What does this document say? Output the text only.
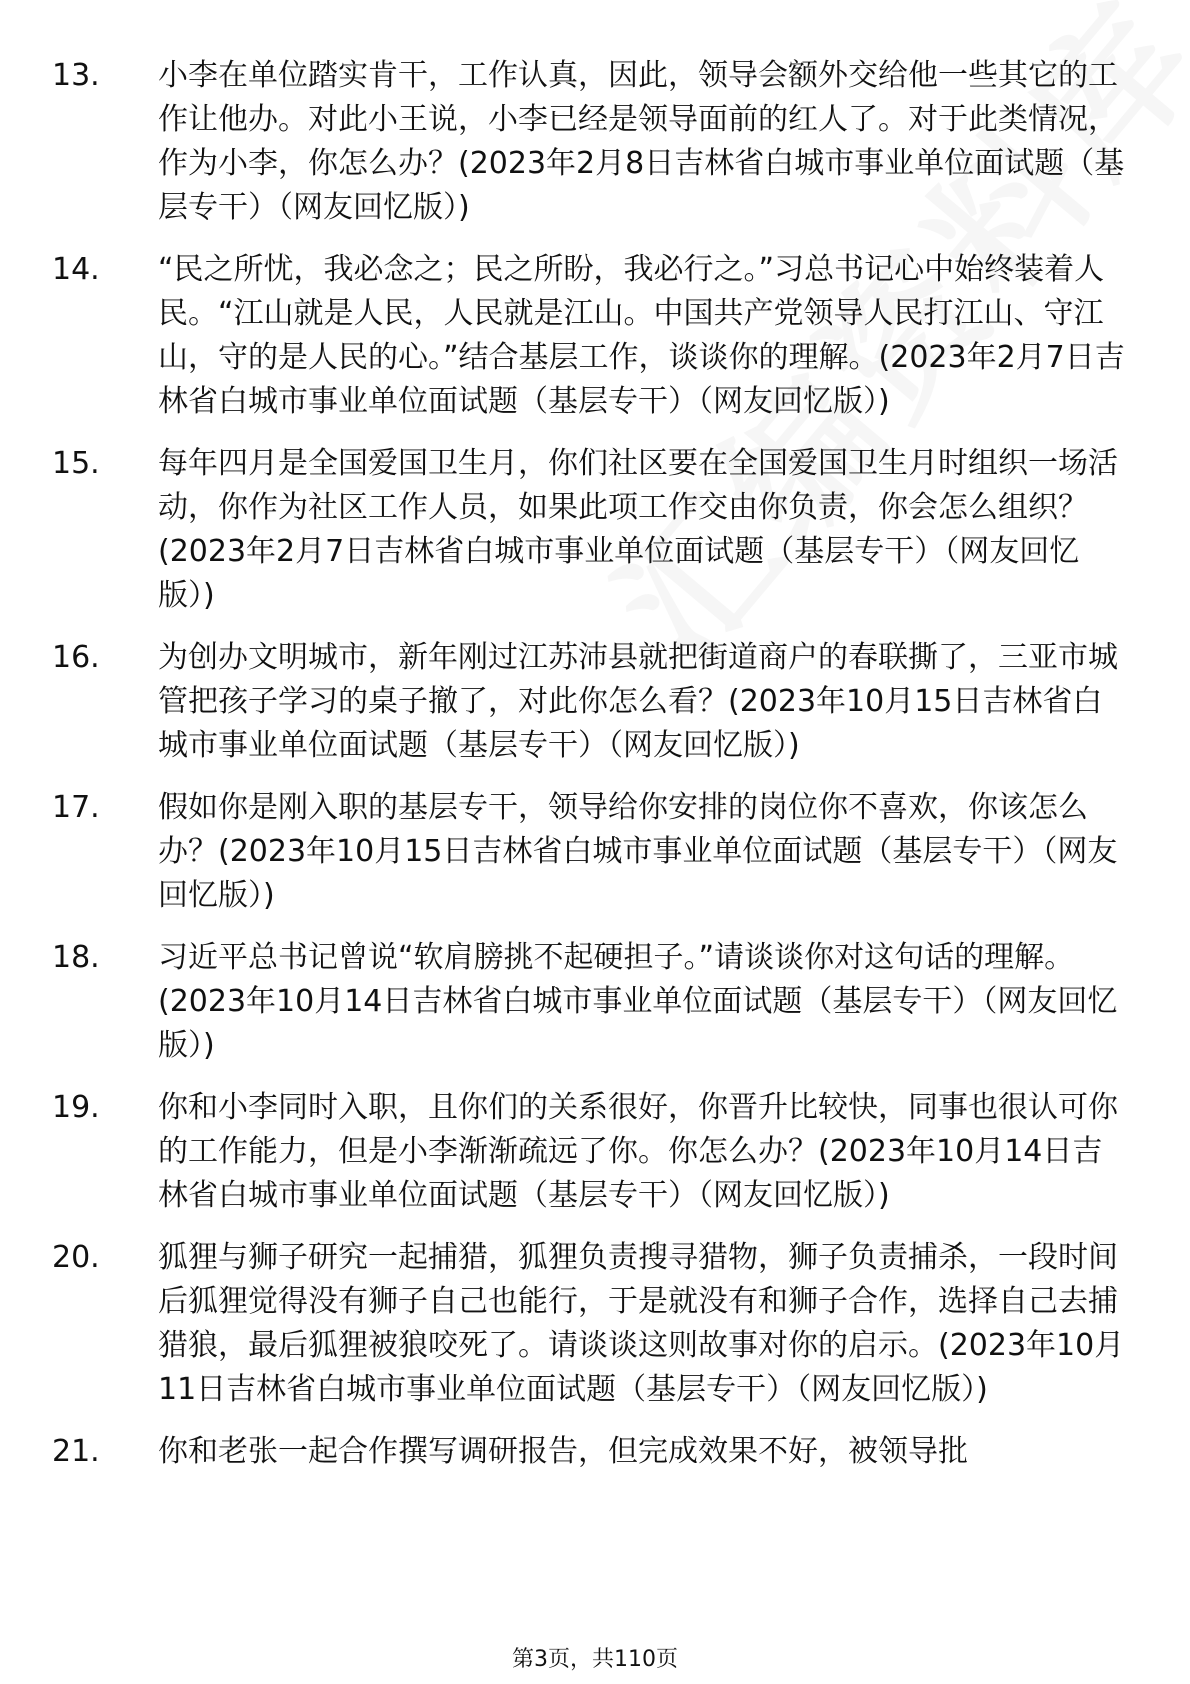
13.	小李在单位踏实肯干，工作认真，因此，领导会额外交给他一些其它的工作让他办。对此小王说，小李已经是领导面前的红人了。对于此类情况，作为小李，你怎么办？(2023年2月8日吉林省白城市事业单位面试题（基层专干）（网友回忆版）)
14.	“民之所忧，我必念之；民之所盼，我必行之。”习总书记心中始终装着人民。“江山就是人民，人民就是江山。中国共产党领导人民打江山、守江山，守的是人民的心。”结合基层工作，谈谈你的理解。(2023年2月7日吉林省白城市事业单位面试题（基层专干）（网友回忆版）)
15.	每年四月是全国爱国卫生月，你们社区要在全国爱国卫生月时组织一场活动，你作为社区工作人员，如果此项工作交由你负责，你会怎么组织？(2023年2月7日吉林省白城市事业单位面试题（基层专干）（网友回忆版）)
16.	为创办文明城市，新年刚过江苏沛县就把街道商户的春联撕了，三亚市城管把孩子学习的桌子撤了，对此你怎么看？(2023年10月15日吉林省白城市事业单位面试题（基层专干）（网友回忆版）)
17.	假如你是刚入职的基层专干，领导给你安排的岗位你不喜欢，你该怎么办？(2023年10月15日吉林省白城市事业单位面试题（基层专干）（网友回忆版）)
18.	习近平总书记曾说“软肩膀挑不起硬担子。”请谈谈你对这句话的理解。(2023年10月14日吉林省白城市事业单位面试题（基层专干）（网友回忆版）)
19.	你和小李同时入职，且你们的关系很好，你晋升比较快，同事也很认可你的工作能力，但是小李渐渐疏远了你。你怎么办？(2023年10月14日吉林省白城市事业单位面试题（基层专干）（网友回忆版）)
20.	狐狸与狮子研究一起捕猎，狐狸负责搜寻猎物，狮子负责捕杀，一段时间后狐狸觉得没有狮子自己也能行，于是就没有和狮子合作，选择自己去捕猎狼，最后狐狸被狼咬死了。请谈谈这则故事对你的启示。(2023年10月11日吉林省白城市事业单位面试题（基层专干）（网友回忆版）)
21.	你和老张一起合作撰写调研报告，但完成效果不好，被领导批
第3页，共110页
